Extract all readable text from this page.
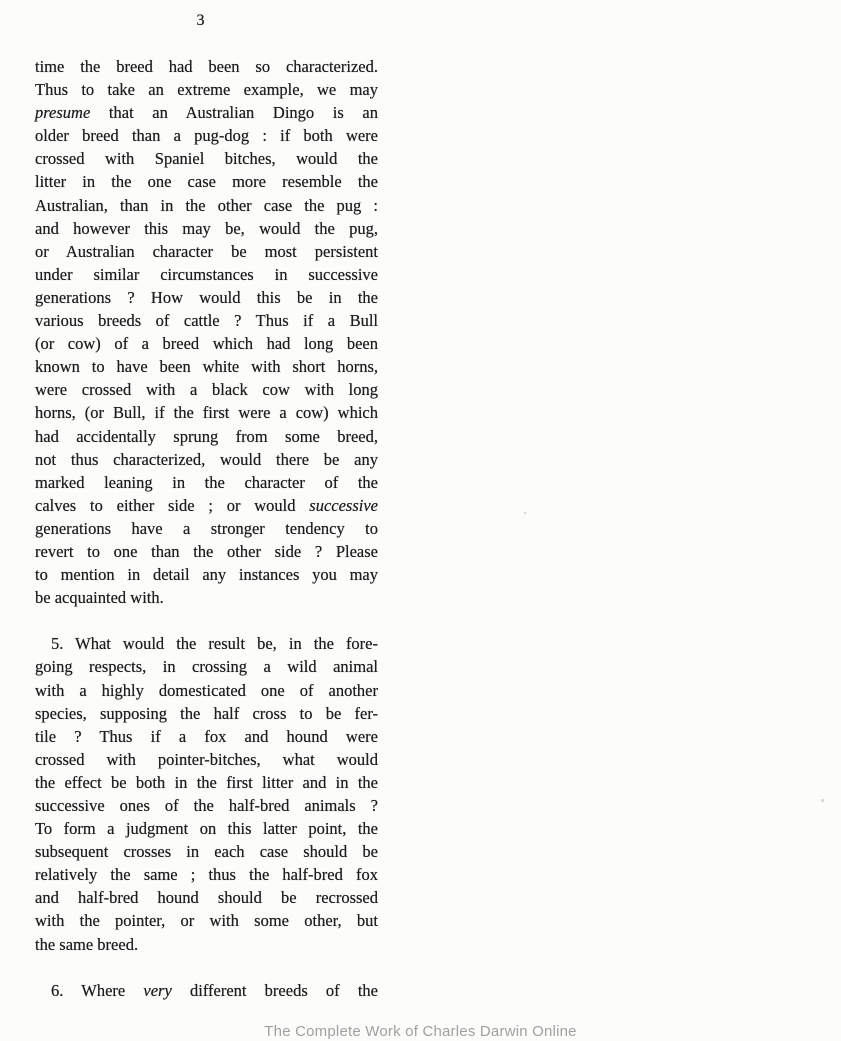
3
time the breed had been so characterized.
Thus to take an extreme example, we may
presume that an Australian Dingo is an
older breed than a pug-dog : if both were
crossed with Spaniel bitches, would the
litter in the one case more resemble the
Australian, than in the other case the pug :
and however this may be, would the pug,
or Australian character be most persistent
under similar circumstances in successive
generations ? How would this be in the
various breeds of cattle ? Thus if a Bull
(or cow) of a breed which had long been
known to have been white with short horns,
were crossed with a black cow with long
horns, (or Bull, if the first were a cow) which
had accidentally sprung from some breed,
not thus characterized, would there be any
marked leaning in the character of the
calves to either side ; or would successive
generations have a stronger tendency to
revert to one than the other side ? Please
to mention in detail any instances you may
be acquainted with.
5. What would the result be, in the fore-
going respects, in crossing a wild animal
with a highly domesticated one of another
species, supposing the half cross to be fer-
tile ? Thus if a fox and hound were
crossed with pointer-bitches, what would
the effect be both in the first litter and in the
successive ones of the half-bred animals ?
To form a judgment on this latter point, the
subsequent crosses in each case should be
relatively the same ; thus the half-bred fox
and half-bred hound should be recrossed
with the pointer, or with some other, but
the same breed.
6. Where very different breeds of the
The Complete Work of Charles Darwin Online
